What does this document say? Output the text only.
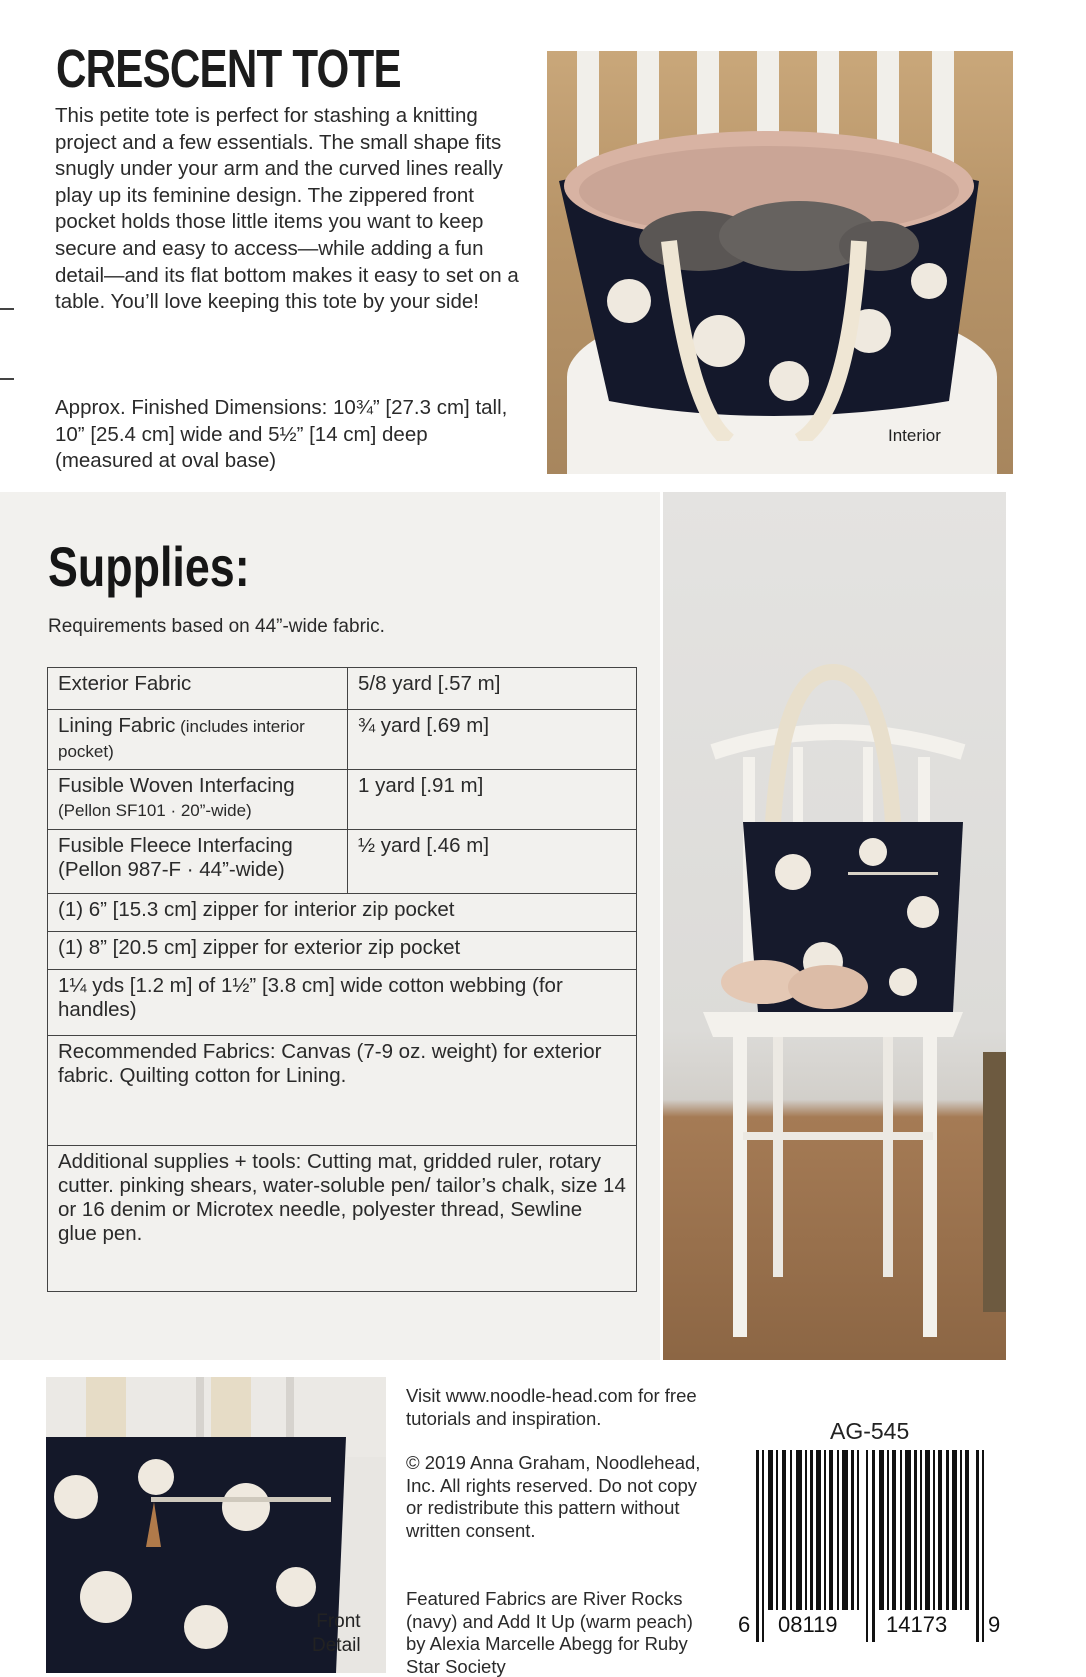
CRESCENT TOTE

This petite tote is perfect for stashing a knitting project and a few essentials. The small shape fits snugly under your arm and the curved lines really play up its feminine design. The zippered front pocket holds those little items you want to keep secure and easy to access—while adding a fun detail—and its flat bottom makes it easy to set on a table. You’ll love keeping this tote by your side!

Approx. Finished Dimensions: 10¾” [27.3 cm] tall, 10” [25.4 cm] wide and 5½” [14 cm] deep (measured at oval base)

Interior
Supplies:
Requirements based on 44”-wide fabric.
Exterior Fabric	5/8 yard [.57 m]
Lining Fabric (includes interior pocket)	¾ yard [.69 m]
Fusible Woven Interfacing
(Pellon SF101 · 20”-wide)	1 yard [.91 m]
Fusible Fleece Interfacing
(Pellon 987-F · 44”-wide)	½ yard [.46 m]
(1) 6” [15.3 cm] zipper for interior zip pocket	
(1) 8” [20.5 cm] zipper for exterior zip pocket	
1¼ yds [1.2 m] of 1½” [3.8 cm] wide cotton webbing (for handles)	
Recommended Fabrics: Canvas (7-9 oz. weight) for exterior fabric. Quilting cotton for Lining.	
Additional supplies + tools: Cutting mat, gridded ruler, rotary cutter. pinking shears, water-soluble pen/ tailor’s chalk, size 14 or 16 denim or Microtex needle, polyester thread, Sewline glue pen.	
Front
Detail

Visit www.noodle-head.com for free tutorials and inspiration.

© 2019 Anna Graham, Noodlehead, Inc. All rights reserved. Do not copy or redistribute this pattern without written consent.

Featured Fabrics are River Rocks (navy) and Add It Up (warm peach) by Alexia Marcelle Abegg for Ruby Star Society

AG-545
6 08119 14173 9
